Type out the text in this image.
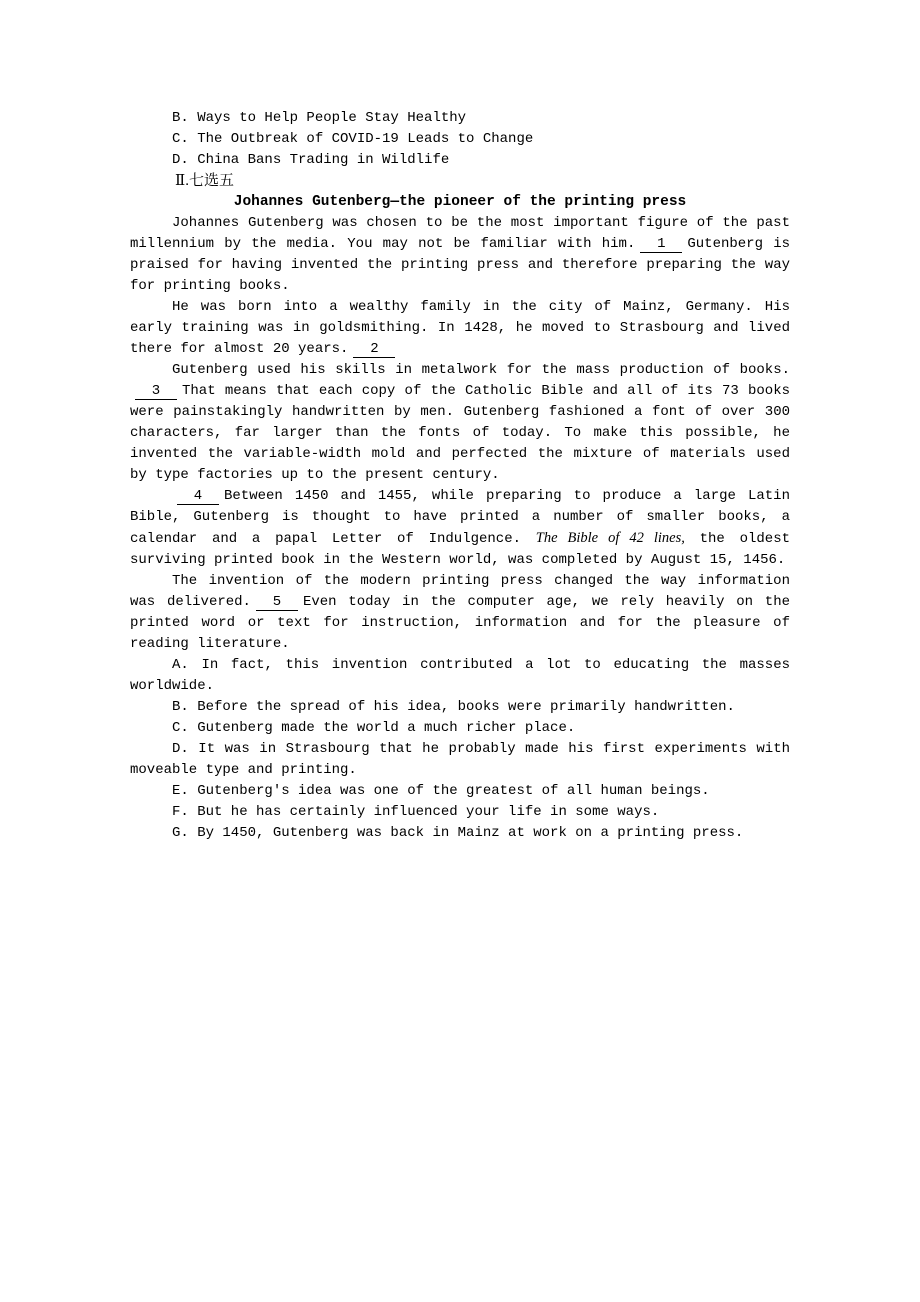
B. Ways to Help People Stay Healthy

C. The Outbreak of COVID-19 Leads to Change

D. China Bans Trading in Wildlife

Ⅱ.七选五

Johannes Gutenberg—the pioneer of the printing press

Johannes Gutenberg was chosen to be the most important figure of the past millennium by the media. You may not be familiar with him. 1 Gutenberg is praised for having invented the printing press and therefore preparing the way for printing books.

He was born into a wealthy family in the city of Mainz, Germany. His early training was in goldsmithing. In 1428, he moved to Strasbourg and lived there for almost 20 years. 2

Gutenberg used his skills in metalwork for the mass production of books.3 That means that each copy of the Catholic Bible and all of its 73 books were painstakingly handwritten by men. Gutenberg fashioned a font of over 300 characters, far larger than the fonts of today. To make this possible, he invented the variable-width mold and perfected the mixture of materials used by type factories up to the present century.

4 Between 1450 and 1455, while preparing to produce a large Latin Bible, Gutenberg is thought to have printed a number of smaller books, a calendar and a papal Letter of Indulgence. The Bible of 42 lines, the oldest surviving printed book in the Western world, was completed by August 15, 1456.

The invention of the modern printing press changed the way information was delivered. 5 Even today in the computer age, we rely heavily on the printed word or text for instruction, information and for the pleasure of reading literature.

A. In fact, this invention contributed a lot to educating the masses worldwide.

B. Before the spread of his idea, books were primarily handwritten.

C. Gutenberg made the world a much richer place.

D. It was in Strasbourg that he probably made his first experiments with moveable type and printing.

E. Gutenberg's idea was one of the greatest of all human beings.

F. But he has certainly influenced your life in some ways.

G. By 1450, Gutenberg was back in Mainz at work on a printing press.
